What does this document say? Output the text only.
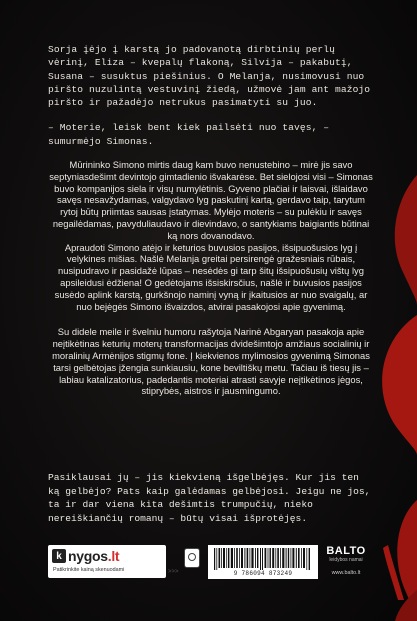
Sorja įėjo į karstą jo padovanotą dirbtinių perlų vėrinį, Eliza – kvepalų flakoną, Silvija – pakabutį, Susana – susuktus piešinius. O Melanja, nusimovusi nuo piršto nuzulintą vestuvinį žiedą, užmovė jam ant mažojo piršto ir pažadėjo netrukus pasimatyti su juo.

– Moterie, leisk bent kiek pailsėti nuo tavęs, – sumurmėjo Simonas.

Mūrininko Simono mirtis daug kam buvo nenustebino – mirė jis savo septyniasdešimt devintojo gimtadienio išvakarėse. Bet sielojosi visi – Simonas buvo kompanijos siela ir visų numylėtinis. Gyveno plačiai ir laisvai, išlaidavo savęs nesavžydamas, valgydavo lyg paskutinį kartą, gerdavo taip, tarytum rytoj būtų priimtas sausas įstatymas. Mylėjo moteris – su pulėkiu ir savęs negailėdamas, pavyduliaudavo ir dievindavo, o santykiams baigiantis būtinai ką nors dovanodavo.

Apraudoti Simono atėjo ir keturios buvusios pasijos, išsipuošusios lyg į velykines mišias. Našlė Melanja greitai persirengė gražesniais rūbais, nusipudravo ir pasidažė lūpas – nesėdės gi tarp šitų išsipuošusių vištų lyg apsileidusi ėdžiena! O gedėtojams išsiskirsčius, našlė ir buvusios pasijos susėdo aplink karstą, gurkšnojo naminį vyną ir įkaitusios ar nuo svaigalų, ar nuo bejėgės Simono išvaizdos, atvirai pasakojosi apie gyvenimą.

Su didele meile ir švelniu humoru rašytoja Narinė Abgaryan pasakoja apie neįtikėtinas keturių moterų transformacijas dvidešimtojo amžiaus socialinių ir moralinių Armėnijos stigmų fone. Į kiekvienos mylimosios gyvenimą Simonas tarsi gelbėtojas įžengia sunkiausiu, kone beviltiškų metu. Tačiau iš tiesų jis – labiau katalizatorius, padedantis moteriai atrasti savyje neįtikėtinos jėgos, stiprybės, aistros ir jausmingumo.

Pasiklausai jų – jis kiekvieną išgelbėjęs. Kur jis ten ką gelbėjo? Pats kaip galėdamas gelbėjosi. Jeigu ne jos, ta ir dar viena kita dešimtis trumpučių, nieko nereiškiančių romanų – būtų visai išprotėjęs.
k nygos.lt
Patikrinkite kainą skenuodami	>>>	9 786094 873249
BALTO
leidybos namai
www.balto.lt
